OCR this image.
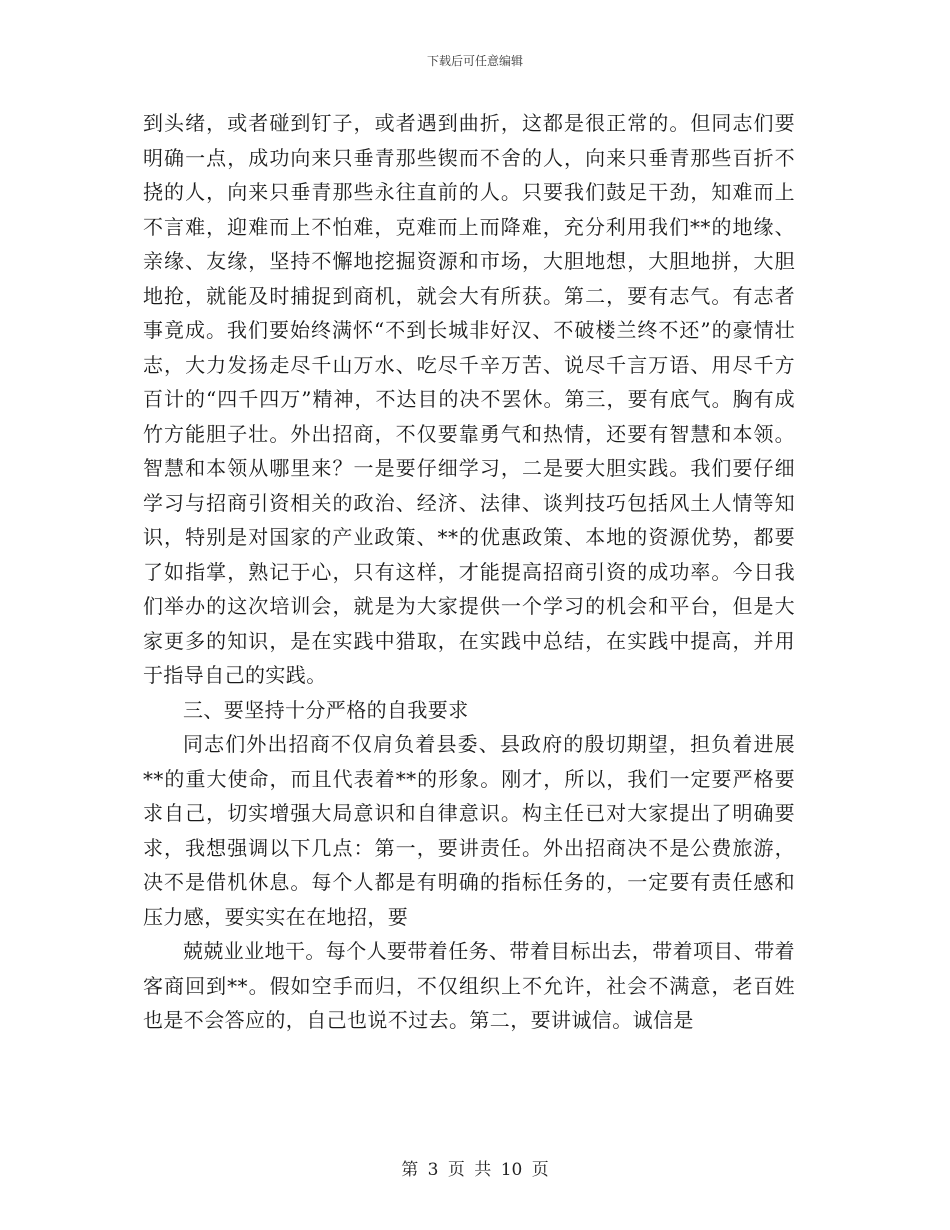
下载后可任意编辑

到头绪，或者碰到钉子，或者遇到曲折，这都是很正常的。但同志们要明确一点，成功向来只垂青那些锲而不舍的人，向来只垂青那些百折不挠的人，向来只垂青那些永往直前的人。只要我们鼓足干劲，知难而上不言难，迎难而上不怕难，克难而上而降难，充分利用我们**的地缘、亲缘、友缘，坚持不懈地挖掘资源和市场，大胆地想，大胆地拼，大胆地抢，就能及时捕捉到商机，就会大有所获。第二，要有志气。有志者事竟成。我们要始终满怀“不到长城非好汉、不破楼兰终不还”的豪情壮志，大力发扬走尽千山万水、吃尽千辛万苦、说尽千言万语、用尽千方百计的“四千四万”精神，不达目的决不罢休。第三，要有底气。胸有成竹方能胆子壮。外出招商，不仅要靠勇气和热情，还要有智慧和本领。智慧和本领从哪里来？一是要仔细学习，二是要大胆实践。我们要仔细学习与招商引资相关的政治、经济、法律、谈判技巧包括风土人情等知识，特别是对国家的产业政策、**的优惠政策、本地的资源优势，都要了如指掌，熟记于心，只有这样，才能提高招商引资的成功率。今日我们举办的这次培训会，就是为大家提供一个学习的机会和平台，但是大家更多的知识，是在实践中猎取，在实践中总结，在实践中提高，并用于指导自己的实践。

三、要坚持十分严格的自我要求

同志们外出招商不仅肩负着县委、县政府的殷切期望，担负着进展**的重大使命，而且代表着**的形象。刚才，所以，我们一定要严格要求自己，切实增强大局意识和自律意识。构主任已对大家提出了明确要求，我想强调以下几点：第一，要讲责任。外出招商决不是公费旅游，决不是借机休息。每个人都是有明确的指标任务的，一定要有责任感和压力感，要实实在在地招，要

兢兢业业地干。每个人要带着任务、带着目标出去，带着项目、带着客商回到**。假如空手而归，不仅组织上不允许，社会不满意，老百姓也是不会答应的，自己也说不过去。第二，要讲诚信。诚信是

第 3 页 共 10 页
